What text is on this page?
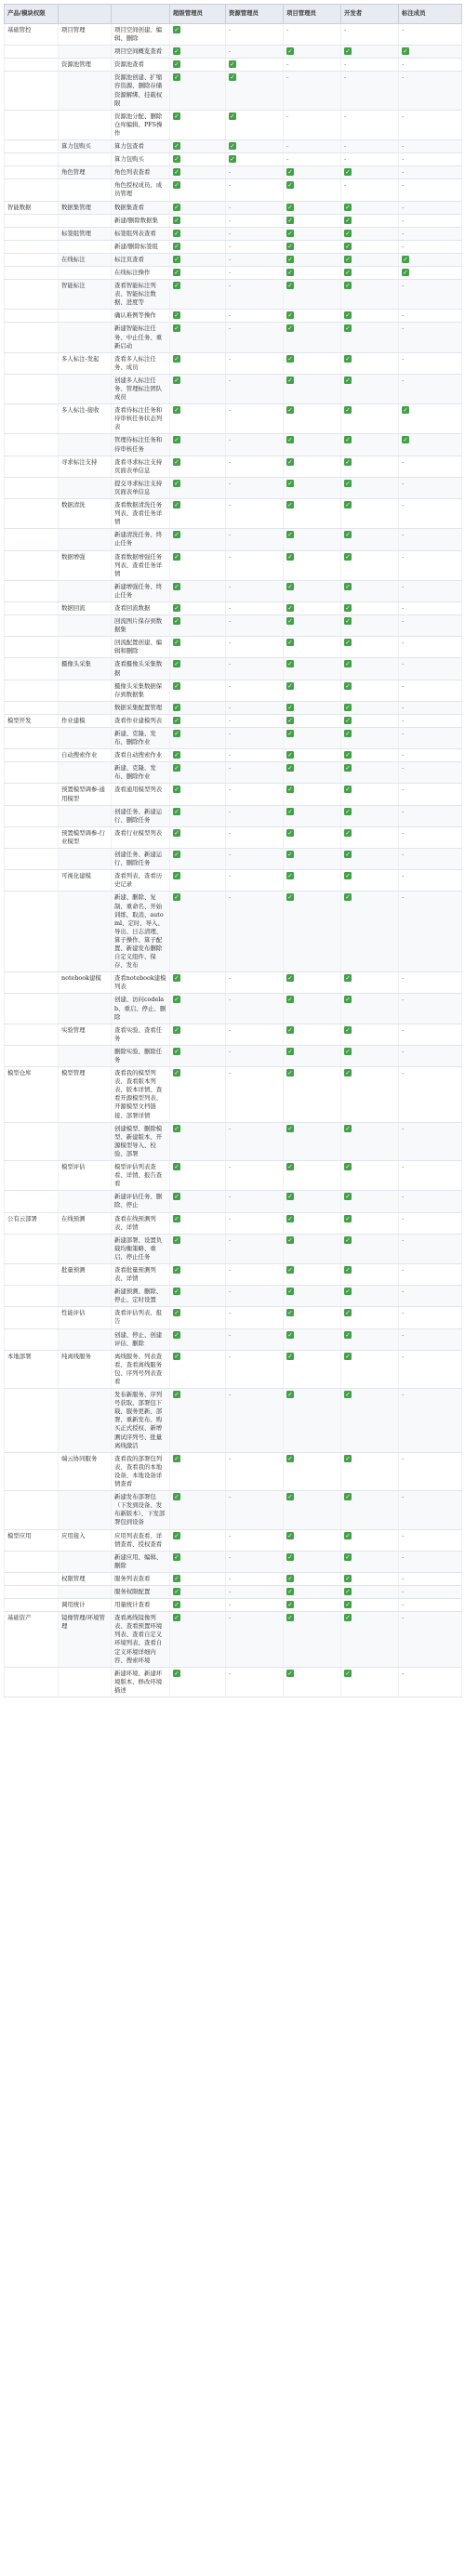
产品/模块权限			超级管理员	资源管理员	项目管理员	开发者	标注成员
基础管控	项目管理	项目空间创建、编辑、删除	✓	-	-	-	-
		项目空间概览查看	✓	-	✓	✓	✓
	资源池管理	资源池查看	✓	✓	-	-	-
		资源池创建、扩缩容资源、删除存储资源解绑、挂载权限	✓	✓	-	-	-
		资源池分配、删除仓库编辑、PFS操作	✓	✓	-	-	-
	算力包购买	算力包查看	✓	✓	-	-	-
		算力包购买	✓	✓	-	-	-
	角色管理	角色列表查看	✓	-	✓	✓	-
		角色授权成员、成员管理	✓	-	✓	-	-
智能数据	数据集管理	数据集查看	✓	-	✓	✓	-
		新建/删除数据集	✓	-	✓	✓	-
	标签组管理	标签组列表查看	✓	-	✓	✓	-
		新建/删除标签组	✓	-	✓	✓	-
	在线标注	标注页查看	✓	-	✓	✓	✓
		在线标注操作	✓	-	✓	✓	✓
	智能标注	查看智能标注列表、智能标注数据、进度等	✓	-	✓	✓	-
		确认难例等操作	✓	-	✓	✓	-
		新建智能标注任务、中止任务、重新启动	✓	-	✓	✓	-
	多人标注-发起	查看多人标注任务、成员	✓	-	✓	✓	-
		创建多人标注任务、管理标注团队成员	✓	-	✓	✓	-
	多人标注-接收	查看待标注任务和待审核任务状态列表	✓	-	✓	✓	✓
		管理待标注任务和待审核任务	✓	-	✓	✓	✓
	寻求标注支持	查看寻求标注支持页面表单信息	✓	-	✓	✓	-
		提交寻求标注支持页面表单信息	✓	-	✓	✓	-
	数据清洗	查看数据清洗任务列表、查看任务详情	✓	-	✓	✓	-
		新建清洗任务、终止任务	✓	-	✓	✓	-
	数据增强	查看数据增强任务列表、查看任务详情	✓	-	✓	✓	-
		新建增强任务、终止任务	✓	-	✓	✓	-
	数据回流	查看回流数据	✓	-	✓	✓	-
		回流图片保存到数据集	✓	-	✓	✓	-
		回流配置创建、编辑和删除	✓	-	✓	✓	-
	摄像头采集	查看摄像头采集数据	✓	-	✓	✓	-
		摄像头采集数据保存到数据集	✓	-	✓	✓	-
		数据采集配置管理	✓	-	✓	✓	-
模型开发	作业建模	查看作业建模列表	✓	-	✓	✓	-
		新建、克隆、发布、删除作业	✓	-	✓	✓	-
	自动搜索作业	查看自动搜索作业	✓	-	✓	✓	-
		新建、克隆、发布、删除作业	✓	-	✓	✓	-
	预置模型调参-通用模型	查看通用模型列表	✓	-	✓	✓	-
		创建任务、新建运行、删除任务	✓	-	✓	✓	-
	预置模型调参-行业模型	查看行业模型列表	✓	-	✓	✓	-
		创建任务、新建运行、删除任务	✓	-	✓	✓	-
	可视化建模	查看列表、查看历史记录	✓	-	✓	✓	-
		新建、删除、复制、重命名、开始训练、取消、automl、定时、导入、导出、日志清理、算子操作、算子配置、新建发布删除自定义组件、保存、发布	✓	-	✓	✓	-
	notebook建模	查看notebook建模列表	✓	-	✓	✓	-
		创建、访问codelab、重启、停止、删除	✓	-	✓	✓	-
	实验管理	查看实验、查看任务	✓	-	✓	✓	-
		删除实验、删除任务	✓	-	✓	✓	-
模型仓库	模型管理	查看我的模型列表、查看版本列表、版本详情、查看开源模型列表、开源模型文档链接、部署详情	✓	-	✓	✓	-
		创建模型、删除模型、新建版本、开源模型导入、校验、部署	✓	-	✓	✓	-
	模型评估	模型评估列表查看、详情、报告查看	✓	-	✓	✓	-
		新建评估任务、删除、停止	✓	-	✓	✓	-
公有云部署	在线预测	查看在线预测列表、详情	✓	-	✓	✓	-
		新建部署、设置负载均衡策略、重启、停止任务	✓	-	✓	✓	-
	批量预测	查看批量预测列表、详情	✓	-	✓	✓	-
		新建预测、删除、停止、定时设置	✓	-	✓	✓	-
	性能评估	查看评估列表、报告	✓	-	✓	✓	-
		创建、停止、创建评估、删除	✓	-	✓	✓	-
本地部署	纯离线服务	离线服务、列表查看、查看离线服务包、序列号列表查看	✓	-	✓	✓	-
		发布新服务、序列号获取、部署包下载、服务更新、部署、重新发布、购买正式授权、新增测试序列号、批量离线激活	✓	-	✓	✓	-
	端云协同服务	查看我的部署包列表、查看我的本地设备、本地设备详情查看	✓	-	✓	✓	-
		新建发布部署包（下发到设备、发布新版本）、下发部署包到设备	✓	-	✓	✓	-
模型应用	应用接入	应用列表查看、详情查看、授权查看	✓	-	✓	✓	-
		新建应用、编辑、删除	✓	-	✓	✓	-
	权限管理	服务列表查看	✓	-	✓	✓	-
		服务权限配置	✓	-	✓	✓	-
	调用统计	用量统计查看	✓	-	✓	✓	-
基础资产	镜像管理/环境管理	查看离线镜像列表、查看预置环境列表、查看自定义环境列表、查看自定义环境详细内容、搜索环境	✓	-	✓	✓	-
		新建环境、新建环境版本、修改环境描述	✓	-	✓	✓	-
